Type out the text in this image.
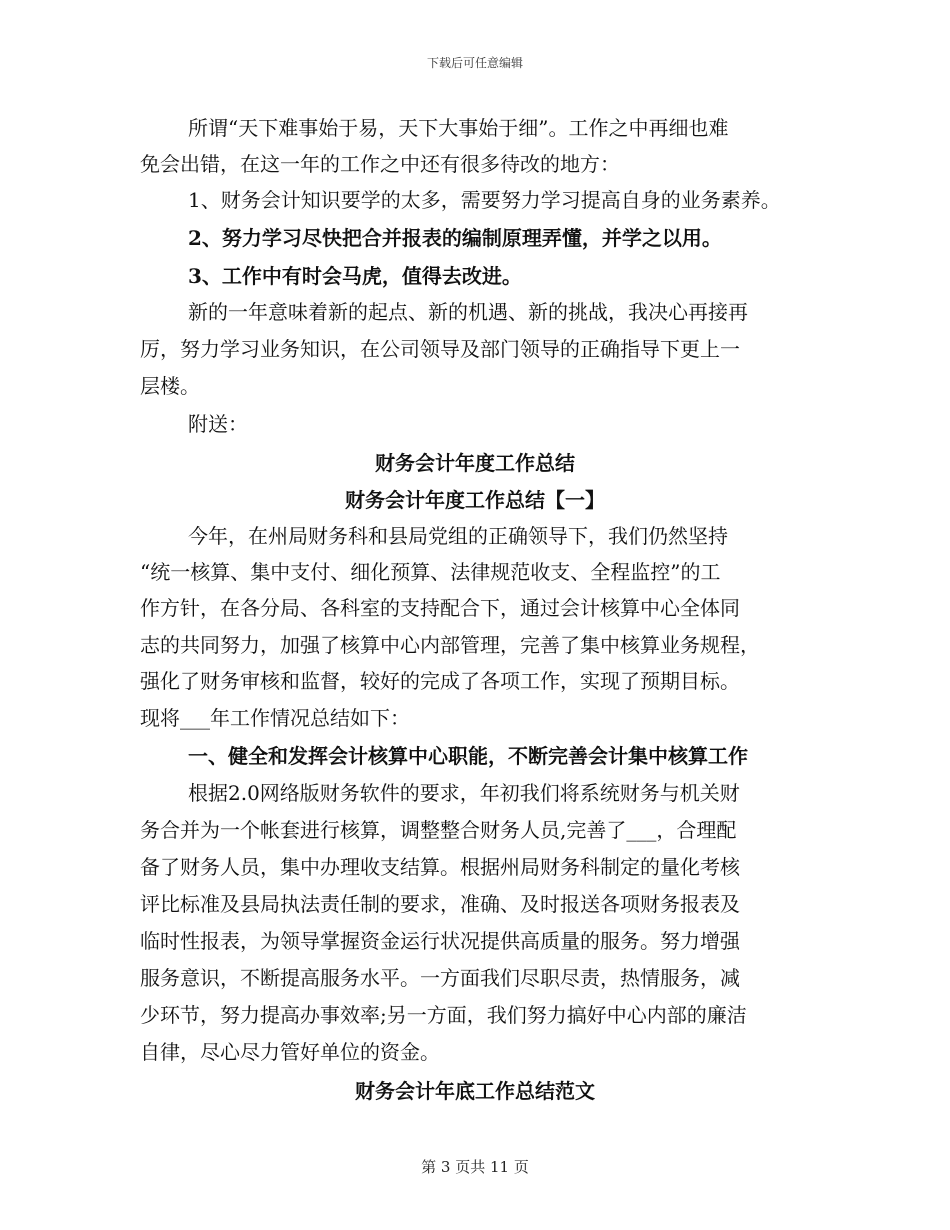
下载后可任意编辑
所谓“天下难事始于易，天下大事始于细”。工作之中再细也难
免会出错，在这一年的工作之中还有很多待改的地方：
1、财务会计知识要学的太多，需要努力学习提高自身的业务素养。
2、努力学习尽快把合并报表的编制原理弄懂，并学之以用。
3、工作中有时会马虎，值得去改进。
新的一年意味着新的起点、新的机遇、新的挑战，我决心再接再
厉，努力学习业务知识，在公司领导及部门领导的正确指导下更上一
层楼。
附送：
财务会计年度工作总结
财务会计年度工作总结【一】
今年，在州局财务科和县局党组的正确领导下，我们仍然坚持
“统一核算、集中支付、细化预算、法律规范收支、全程监控”的工
作方针，在各分局、各科室的支持配合下，通过会计核算中心全体同
志的共同努力，加强了核算中心内部管理，完善了集中核算业务规程，
强化了财务审核和监督，较好的完成了各项工作，实现了预期目标。
现将___年工作情况总结如下：
一、健全和发挥会计核算中心职能，不断完善会计集中核算工作
根据2.0网络版财务软件的要求，年初我们将系统财务与机关财
务合并为一个帐套进行核算，调整整合财务人员,完善了___，合理配
备了财务人员，集中办理收支结算。根据州局财务科制定的量化考核
评比标准及县局执法责任制的要求，准确、及时报送各项财务报表及
临时性报表，为领导掌握资金运行状况提供高质量的服务。努力增强
服务意识，不断提高服务水平。一方面我们尽职尽责，热情服务，减
少环节，努力提高办事效率;另一方面，我们努力搞好中心内部的廉洁
自律，尽心尽力管好单位的资金。
财务会计年底工作总结范文
第 3 页共 11 页
